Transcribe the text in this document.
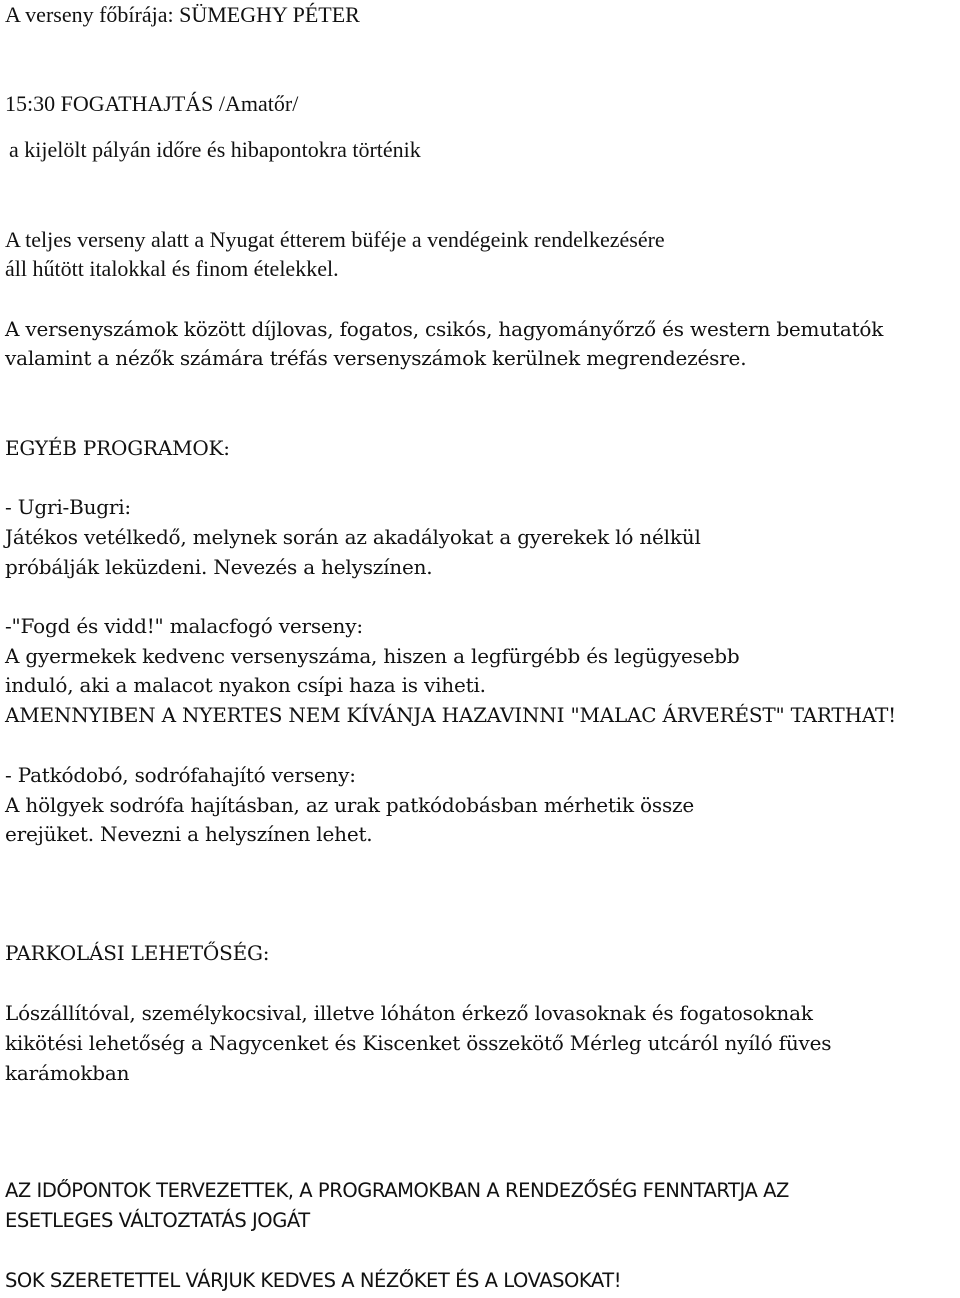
A verseny főbírája: SÜMEGHY PÉTER

15:30 FOGATHAJTÁS /Amatőr/

a kijelölt pályán időre és hibapontokra történik

A teljes verseny alatt a Nyugat étterem büféje a vendégeink rendelkezésére

áll hűtött italokkal és finom ételekkel.

A versenyszámok között díjlovas, fogatos, csikós, hagyományőrző és western bemutatók

valamint a nézők számára tréfás versenyszámok kerülnek megrendezésre.

EGYÉB PROGRAMOK:

- Ugri-Bugri:

Játékos vetélkedő, melynek során az akadályokat a gyerekek ló nélkül

próbálják leküzdeni. Nevezés a helyszínen.

-"Fogd és vidd!" malacfogó verseny:

A gyermekek kedvenc versenyszáma, hiszen a legfürgébb és legügyesebb

induló, aki a malacot nyakon csípi haza is viheti.

AMENNYIBEN A NYERTES NEM KÍVÁNJA HAZAVINNI "MALAC ÁRVERÉST" TARTHAT!

- Patkódobó, sodrófahajító verseny:

A hölgyek sodrófa hajításban, az urak patkódobásban mérhetik össze

erejüket. Nevezni a helyszínen lehet.

PARKOLÁSI LEHETŐSÉG:

Lószállítóval, személykocsival, illetve lóháton érkező lovasoknak és fogatosoknak

kikötési lehetőség a Nagycenket és Kiscenket összekötő Mérleg utcáról nyíló füves

karámokban

AZ IDŐPONTOK TERVEZETTEK, A PROGRAMOKBAN A RENDEZŐSÉG FENNTARTJA AZ

ESETLEGES VÁLTOZTATÁS JOGÁT

SOK SZERETETTEL VÁRJUK KEDVES A NÉZŐKET ÉS A LOVASOKAT!
